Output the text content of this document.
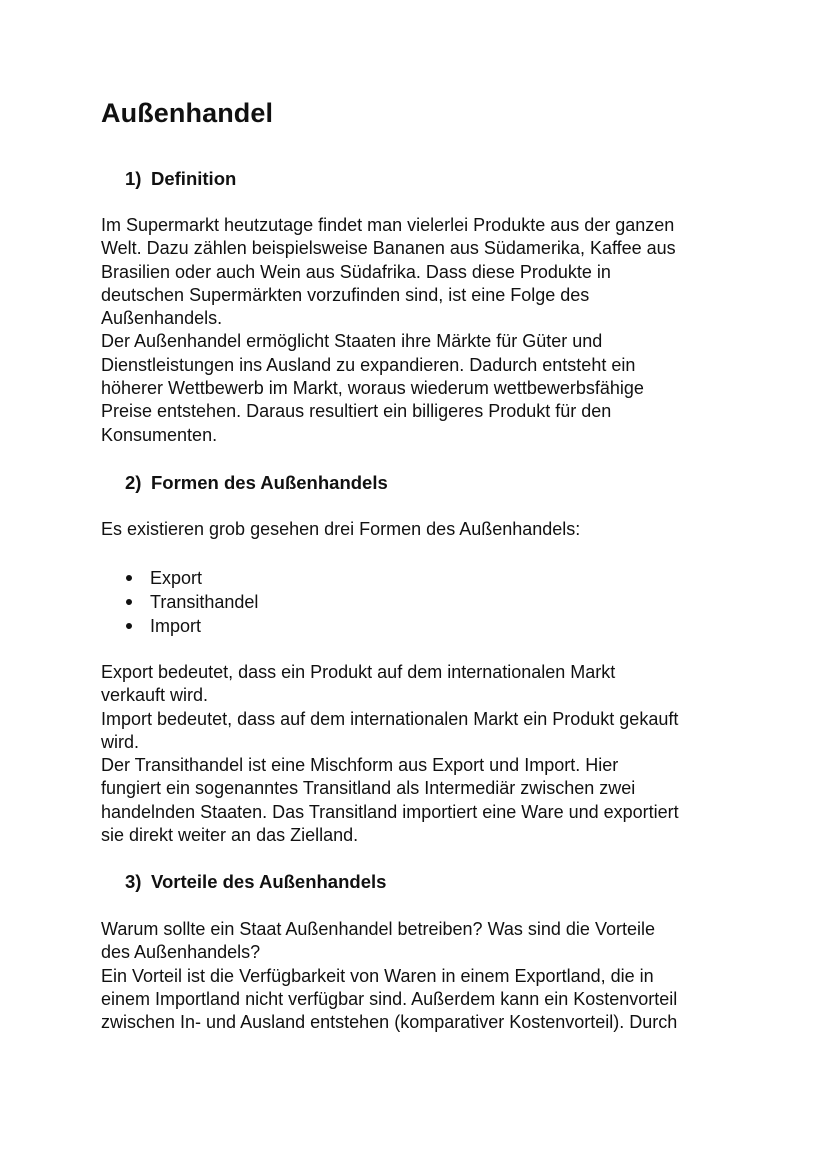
Außenhandel
1) Definition

Im Supermarkt heutzutage findet man vielerlei Produkte aus der ganzen
Welt. Dazu zählen beispielsweise Bananen aus Südamerika, Kaffee aus
Brasilien oder auch Wein aus Südafrika. Dass diese Produkte in
deutschen Supermärkten vorzufinden sind, ist eine Folge des
Außenhandels.
Der Außenhandel ermöglicht Staaten ihre Märkte für Güter und
Dienstleistungen ins Ausland zu expandieren. Dadurch entsteht ein
höherer Wettbewerb im Markt, woraus wiederum wettbewerbsfähige
Preise entstehen. Daraus resultiert ein billigeres Produkt für den
Konsumenten.

2) Formen des Außenhandels

Es existieren grob gesehen drei Formen des Außenhandels:

Export
Transithandel
Import

Export bedeutet, dass ein Produkt auf dem internationalen Markt
verkauft wird.
Import bedeutet, dass auf dem internationalen Markt ein Produkt gekauft
wird.
Der Transithandel ist eine Mischform aus Export und Import. Hier
fungiert ein sogenanntes Transitland als Intermediär zwischen zwei
handelnden Staaten. Das Transitland importiert eine Ware und exportiert
sie direkt weiter an das Zielland.

3) Vorteile des Außenhandels

Warum sollte ein Staat Außenhandel betreiben? Was sind die Vorteile
des Außenhandels?
Ein Vorteil ist die Verfügbarkeit von Waren in einem Exportland, die in
einem Importland nicht verfügbar sind. Außerdem kann ein Kostenvorteil
zwischen In- und Ausland entstehen (komparativer Kostenvorteil). Durch
